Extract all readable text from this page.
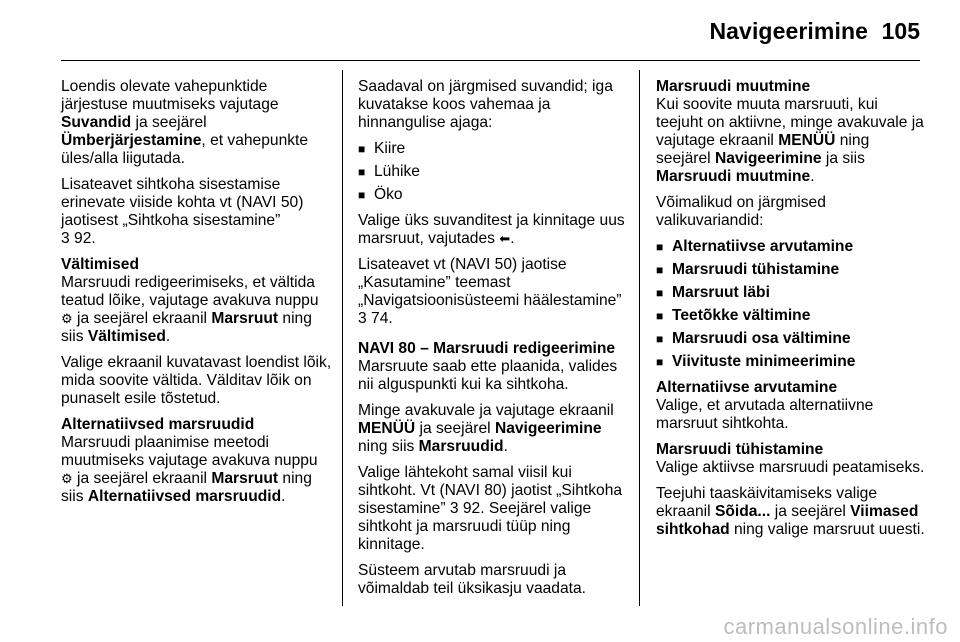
Navigeerimine 105

Loendis olevate vahepunktide järjestuse muutmiseks vajutage Suvandid ja seejärel
Ümberjärjestamine, et vahepunkte üles/alla liigutada.

Lisateavet sihtkoha sisestamise erinevate viiside kohta vt (NAVI 50) jaotisest „Sihtkoha sisestamine”
3 92.

Vältimised

Marsruudi redigeerimiseks, et vältida teatud lõike, vajutage avakuva nuppu ⚙ ja seejärel ekraanil Marsruut ning siis Vältimised.

Valige ekraanil kuvatavast loendist lõik, mida soovite vältida. Välditav lõik on punaselt esile tõstetud.

Alternatiivsed marsruudid

Marsruudi plaanimise meetodi muutmiseks vajutage avakuva nuppu ⚙ ja seejärel ekraanil Marsruut ning siis Alternatiivsed marsruudid.

Saadaval on järgmised suvandid; iga kuvatakse koos vahemaa ja hinnangulise ajaga:

■ Kiire
■ Lühike
■ Öko

Valige üks suvanditest ja kinnitage uus marsruut, vajutades ⬅.

Lisateavet vt (NAVI 50) jaotise „Kasutamine” teemast „Navigatsioonisüsteemi häälestamine” 3 74.

NAVI 80 – Marsruudi redigeerimine

Marsruute saab ette plaanida, valides nii alguspunkti kui ka sihtkoha.

Minge avakuvale ja vajutage ekraanil MENÜÜ ja seejärel Navigeerimine ning siis Marsruudid.

Valige lähtekoht samal viisil kui sihtkoht. Vt (NAVI 80) jaotist „Sihtkoha sisestamine” 3 92. Seejärel valige sihtkoht ja marsruudi tüüp ning kinnitage.

Süsteem arvutab marsruudi ja võimaldab teil üksikasju vaadata.

Marsruudi muutmine

Kui soovite muuta marsruuti, kui teejuht on aktiivne, minge avakuvale ja vajutage ekraanil MENÜÜ ning seejärel Navigeerimine ja siis Marsruudi muutmine.

Võimalikud on järgmised valikuvariandid:

■ Alternatiivse arvutamine
■ Marsruudi tühistamine
■ Marsruut läbi
■ Teetõkke vältimine
■ Marsruudi osa vältimine
■ Viivituste minimeerimine
Alternatiivse arvutamine

Valige, et arvutada alternatiivne marsruut sihtkohta.

Marsruudi tühistamine

Valige aktiivse marsruudi peatamiseks.

Teejuhi taaskäivitamiseks valige ekraanil Sõida... ja seejärel Viimased sihtkohad ning valige marsruut uuesti.

carmanualsonline.info
